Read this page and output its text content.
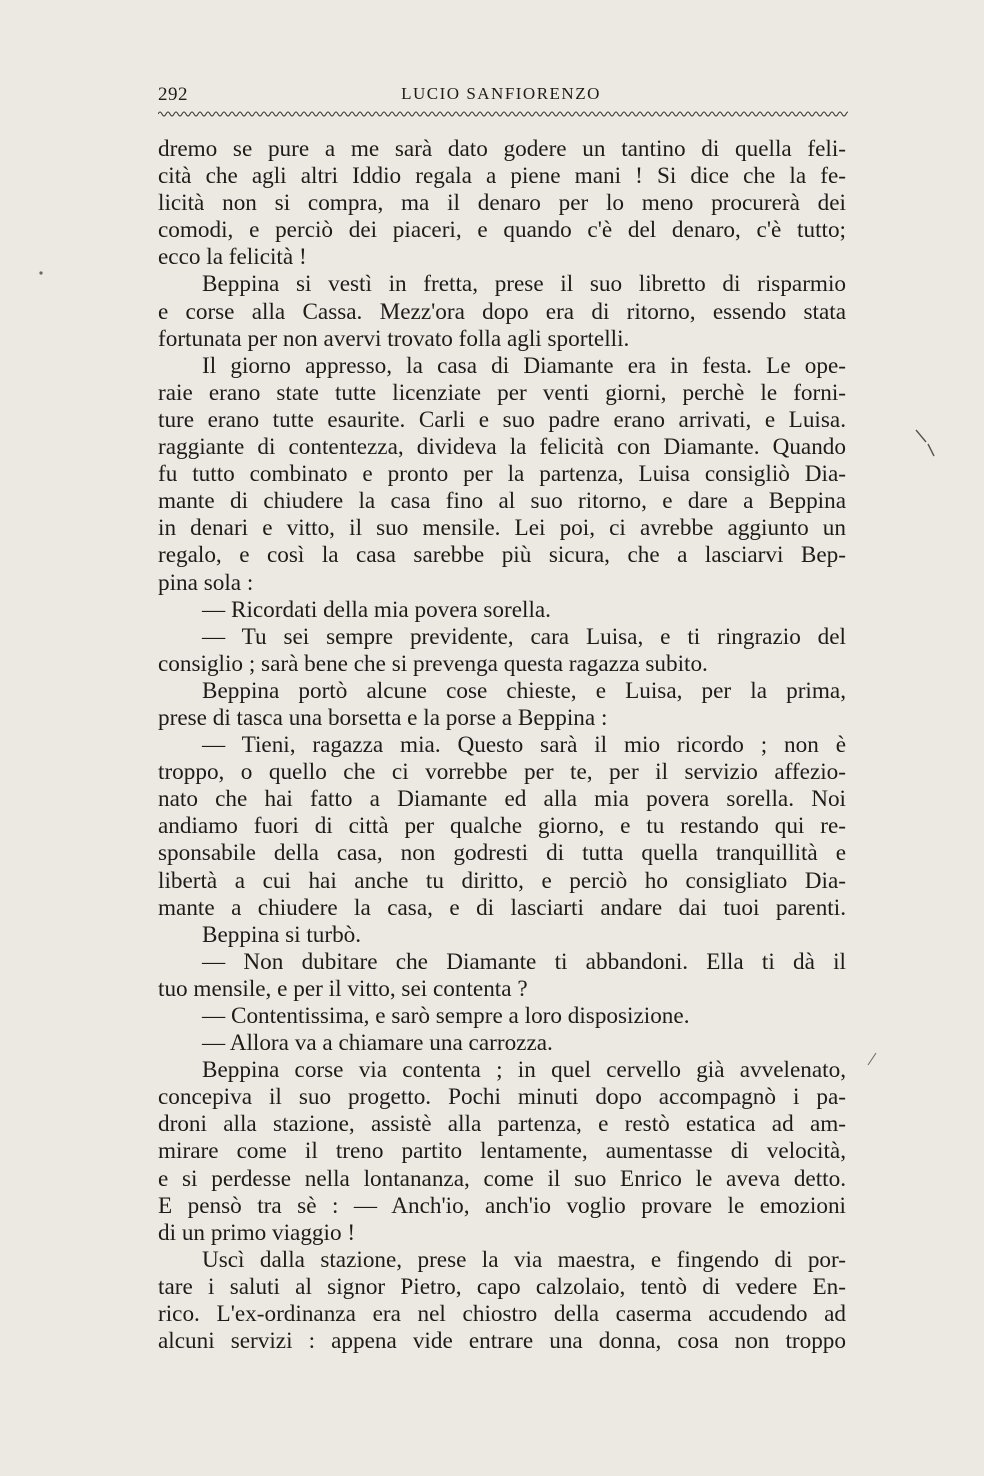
292	LUCIO SANFIORENZO
dremo se pure a me sarà dato godere un tantino di quella feli-
cità che agli altri Iddio regala a piene mani ! Si dice che la fe-
licità non si compra, ma il denaro per lo meno procurerà dei
comodi, e perciò dei piaceri, e quando c'è del denaro, c'è tutto;
ecco la felicità !
Beppina si vestì in fretta, prese il suo libretto di risparmio
e corse alla Cassa. Mezz'ora dopo era di ritorno, essendo stata
fortunata per non avervi trovato folla agli sportelli.
Il giorno appresso, la casa di Diamante era in festa. Le ope-
raie erano state tutte licenziate per venti giorni, perchè le forni-
ture erano tutte esaurite. Carli e suo padre erano arrivati, e Luisa.
raggiante di contentezza, divideva la felicità con Diamante. Quando
fu tutto combinato e pronto per la partenza, Luisa consigliò Dia-
mante di chiudere la casa fino al suo ritorno, e dare a Beppina
in denari e vitto, il suo mensile. Lei poi, ci avrebbe aggiunto un
regalo, e così la casa sarebbe più sicura, che a lasciarvi Bep-
pina sola :
— Ricordati della mia povera sorella.
— Tu sei sempre previdente, cara Luisa, e ti ringrazio del
consiglio ; sarà bene che si prevenga questa ragazza subito.
Beppina portò alcune cose chieste, e Luisa, per la prima,
prese di tasca una borsetta e la porse a Beppina :
— Tieni, ragazza mia. Questo sarà il mio ricordo ; non è
troppo, o quello che ci vorrebbe per te, per il servizio affezio-
nato che hai fatto a Diamante ed alla mia povera sorella. Noi
andiamo fuori di città per qualche giorno, e tu restando qui re-
sponsabile della casa, non godresti di tutta quella tranquillità e
libertà a cui hai anche tu diritto, e perciò ho consigliato Dia-
mante a chiudere la casa, e di lasciarti andare dai tuoi parenti.
Beppina si turbò.
— Non dubitare che Diamante ti abbandoni. Ella ti dà il
tuo mensile, e per il vitto, sei contenta ?
— Contentissima, e sarò sempre a loro disposizione.
— Allora va a chiamare una carrozza.
Beppina corse via contenta ; in quel cervello già avvelenato,
concepiva il suo progetto. Pochi minuti dopo accompagnò i pa-
droni alla stazione, assistè alla partenza, e restò estatica ad am-
mirare come il treno partito lentamente, aumentasse di velocità,
e si perdesse nella lontananza, come il suo Enrico le aveva detto.
E pensò tra sè : — Anch'io, anch'io voglio provare le emozioni
di un primo viaggio !
Uscì dalla stazione, prese la via maestra, e fingendo di por-
tare i saluti al signor Pietro, capo calzolaio, tentò di vedere En-
rico. L'ex-ordinanza era nel chiostro della caserma accudendo ad
alcuni servizi : appena vide entrare una donna, cosa non troppo
